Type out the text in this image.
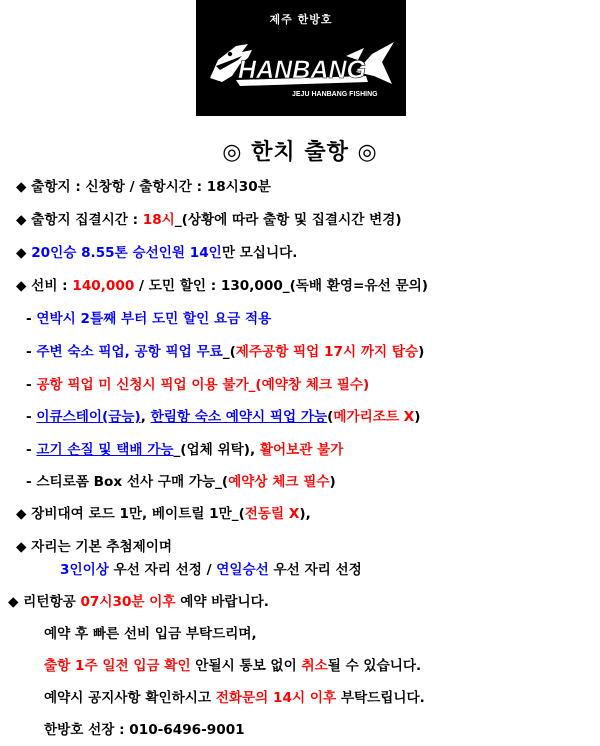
제주 한방호
HANBANG
JEJU HANBANG FISHING
◎ 한치 출항 ◎
◆ 출항지 : 신창항 / 출항시간 : 18시30분
◆ 출항지 집결시간 : 18시_(상황에 따라 출항 및 집결시간 변경)
◆ 20인승 8.55톤 승선인원 14인만 모십니다.
◆ 선비 : 140,000 / 도민 할인 : 130,000_(독배 환영=유선 문의)
- 연박시 2틀째 부터 도민 할인 요금 적용
- 주변 숙소 픽업, 공항 픽업 무료_(제주공항 픽업 17시 까지 탑승)
- 공항 픽업 미 신청시 픽업 이용 불가_(예약창 체크 필수)
- 이큐스테이(금능), 한림항 숙소 예약시 픽업 가능(메가리조트 X)
- 고기 손질 및 택배 가능_(업체 위탁), 활어보관 불가
- 스티로폼 Box 선사 구매 가능_(예약상 체크 필수)
◆ 장비대여 로드 1만, 베이트릴 1만_(전동릴 X),
◆ 자리는 기본 추첨제이며
3인이상 우선 자리 선정 / 연일승선 우선 자리 선정
◆ 리턴항공 07시30분 이후 예약 바랍니다.
예약 후 빠른 선비 입금 부탁드리며,
출항 1주 일전 입금 확인 안될시 통보 없이 취소될 수 있습니다.
예약시 공지사항 확인하시고 전화문의 14시 이후 부탁드립니다.
한방호 선장 : 010-6496-9001
